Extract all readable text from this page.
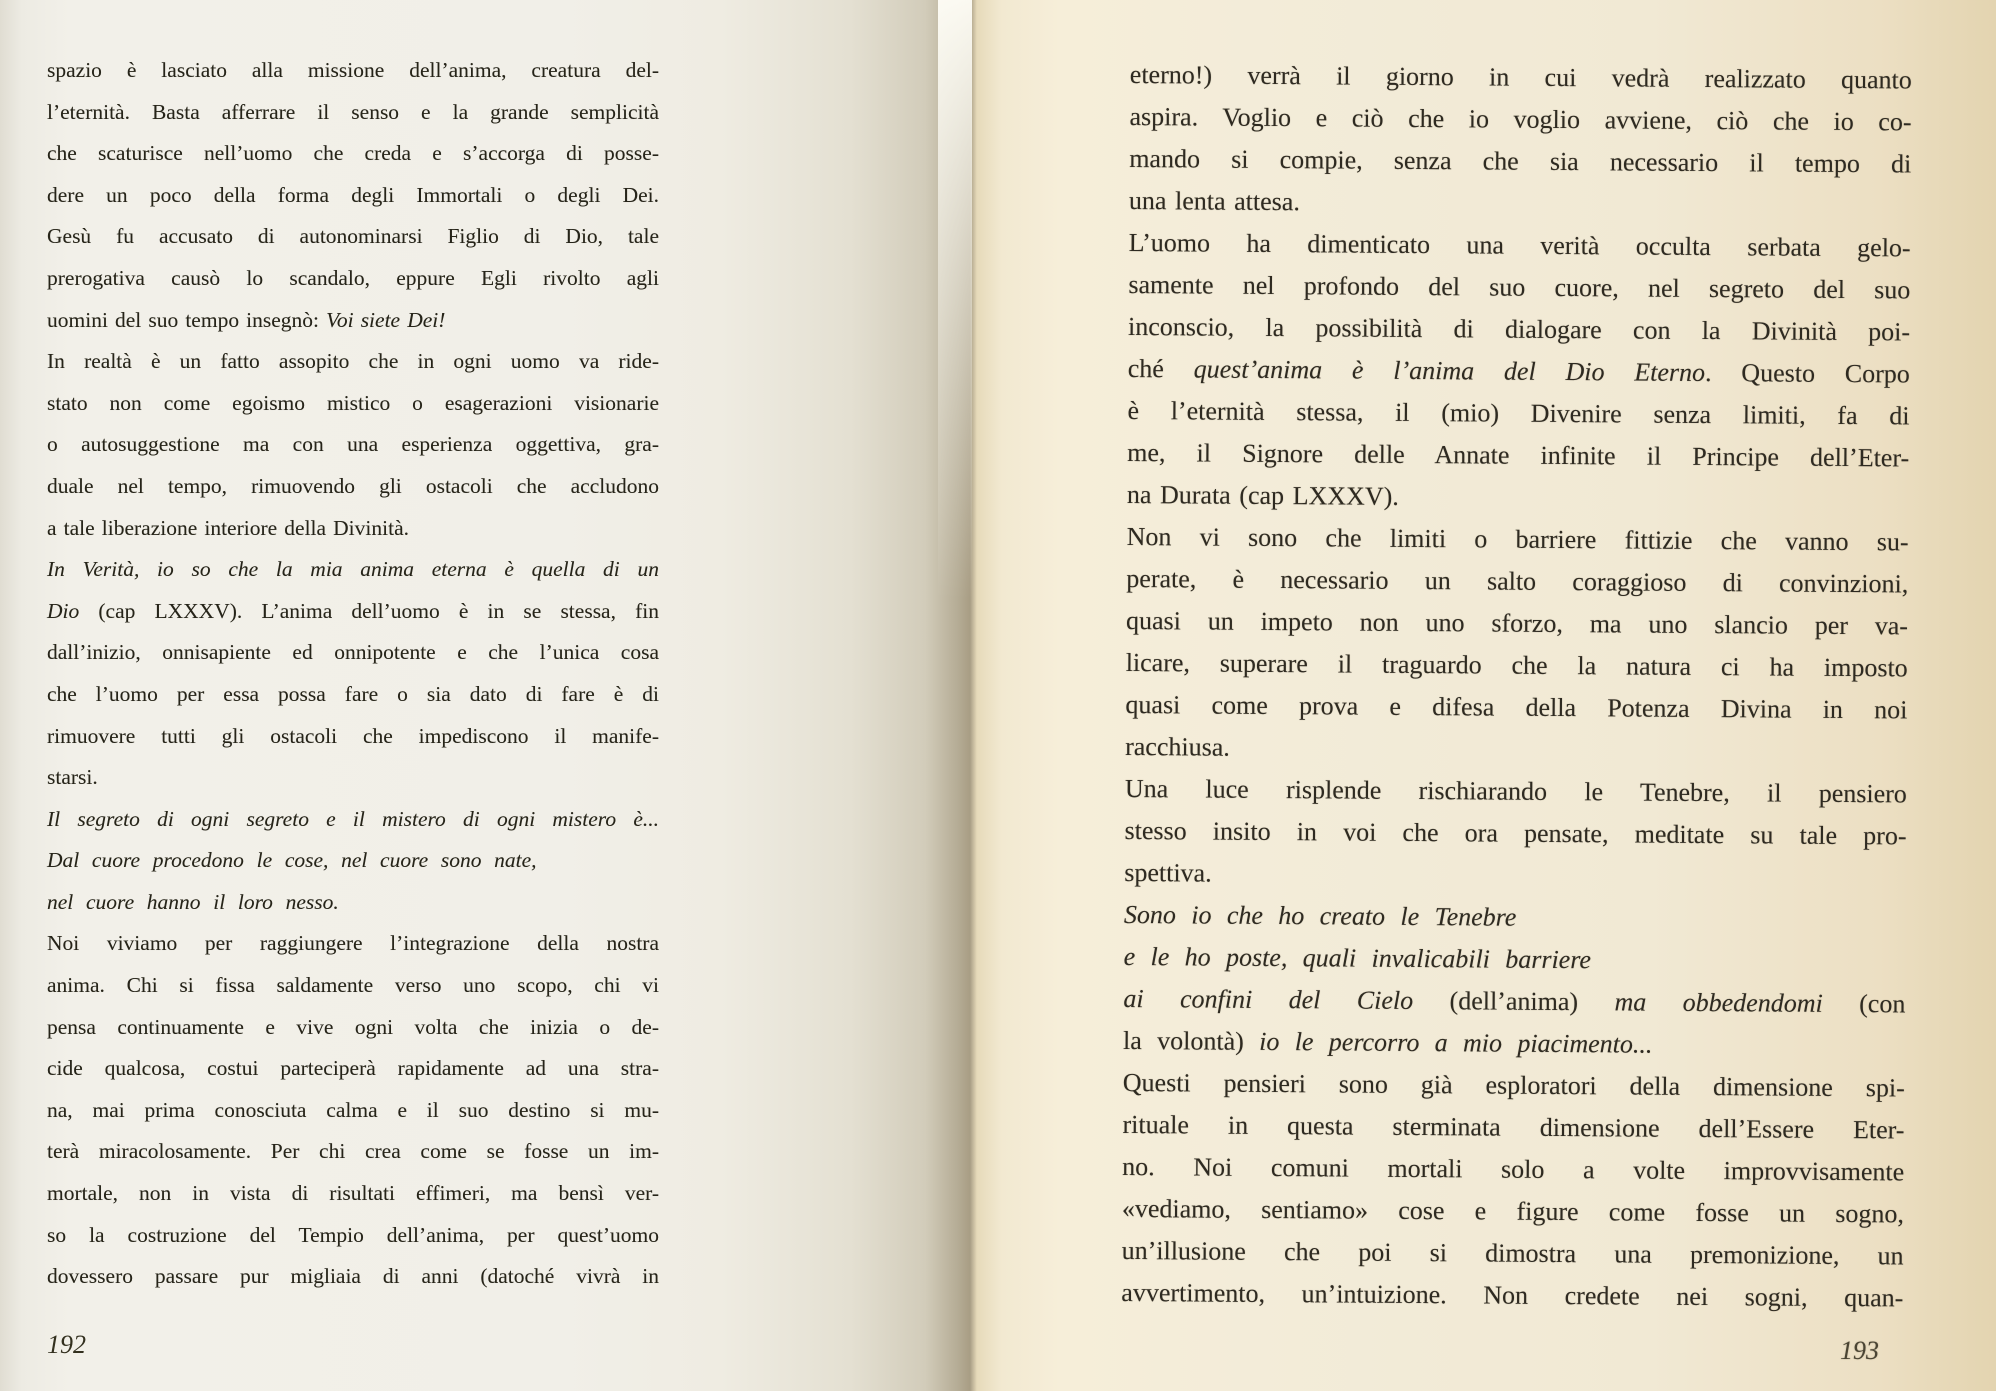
spazio è lasciato alla missione dell’anima, creatura del-
l’eternità. Basta afferrare il senso e la grande semplicità
che scaturisce nell’uomo che creda e s’accorga di posse-
dere un poco della forma degli Immortali o degli Dei.
Gesù fu accusato di autonominarsi Figlio di Dio, tale
prerogativa causò lo scandalo, eppure Egli rivolto agli
uomini del suo tempo insegnò: Voi siete Dei!
In realtà è un fatto assopito che in ogni uomo va ride-
stato non come egoismo mistico o esagerazioni visionarie
o autosuggestione ma con una esperienza oggettiva, gra-
duale nel tempo, rimuovendo gli ostacoli che accludono
a tale liberazione interiore della Divinità.
In Verità, io so che la mia anima eterna è quella di un
Dio (cap LXXXV). L’anima dell’uomo è in se stessa, fin
dall’inizio, onnisapiente ed onnipotente e che l’unica cosa
che l’uomo per essa possa fare o sia dato di fare è di
rimuovere tutti gli ostacoli che impediscono il manife-
starsi.
Il segreto di ogni segreto e il mistero di ogni mistero è...
Dal cuore procedono le cose, nel cuore sono nate,
nel cuore hanno il loro nesso.
Noi viviamo per raggiungere l’integrazione della nostra
anima. Chi si fissa saldamente verso uno scopo, chi vi
pensa continuamente e vive ogni volta che inizia o de-
cide qualcosa, costui parteciperà rapidamente ad una stra-
na, mai prima conosciuta calma e il suo destino si mu-
terà miracolosamente. Per chi crea come se fosse un im-
mortale, non in vista di risultati effimeri, ma bensì ver-
so la costruzione del Tempio dell’anima, per quest’uomo
dovessero passare pur migliaia di anni (datoché vivrà in
eterno!) verrà il giorno in cui vedrà realizzato quanto
aspira. Voglio e ciò che io voglio avviene, ciò che io co-
mando si compie, senza che sia necessario il tempo di
una lenta attesa.
L’uomo ha dimenticato una verità occulta serbata gelo-
samente nel profondo del suo cuore, nel segreto del suo
inconscio, la possibilità di dialogare con la Divinità poi-
ché quest’anima è l’anima del Dio Eterno. Questo Corpo
è l’eternità stessa, il (mio) Divenire senza limiti, fa di
me, il Signore delle Annate infinite il Principe dell’Eter-
na Durata (cap LXXXV).
Non vi sono che limiti o barriere fittizie che vanno su-
perate, è necessario un salto coraggioso di convinzioni,
quasi un impeto non uno sforzo, ma uno slancio per va-
licare, superare il traguardo che la natura ci ha imposto
quasi come prova e difesa della Potenza Divina in noi
racchiusa.
Una luce risplende rischiarando le Tenebre, il pensiero
stesso insito in voi che ora pensate, meditate su tale pro-
spettiva.
Sono io che ho creato le Tenebre
e le ho poste, quali invalicabili barriere
ai confini del Cielo (dell’anima) ma obbedendomi (con
la volontà) io le percorro a mio piacimento...
Questi pensieri sono già esploratori della dimensione spi-
rituale in questa sterminata dimensione dell’Essere Eter-
no. Noi comuni mortali solo a volte improvvisamente
«vediamo, sentiamo» cose e figure come fosse un sogno,
un’illusione che poi si dimostra una premonizione, un
avvertimento, un’intuizione. Non credete nei sogni, quan-
192	193
